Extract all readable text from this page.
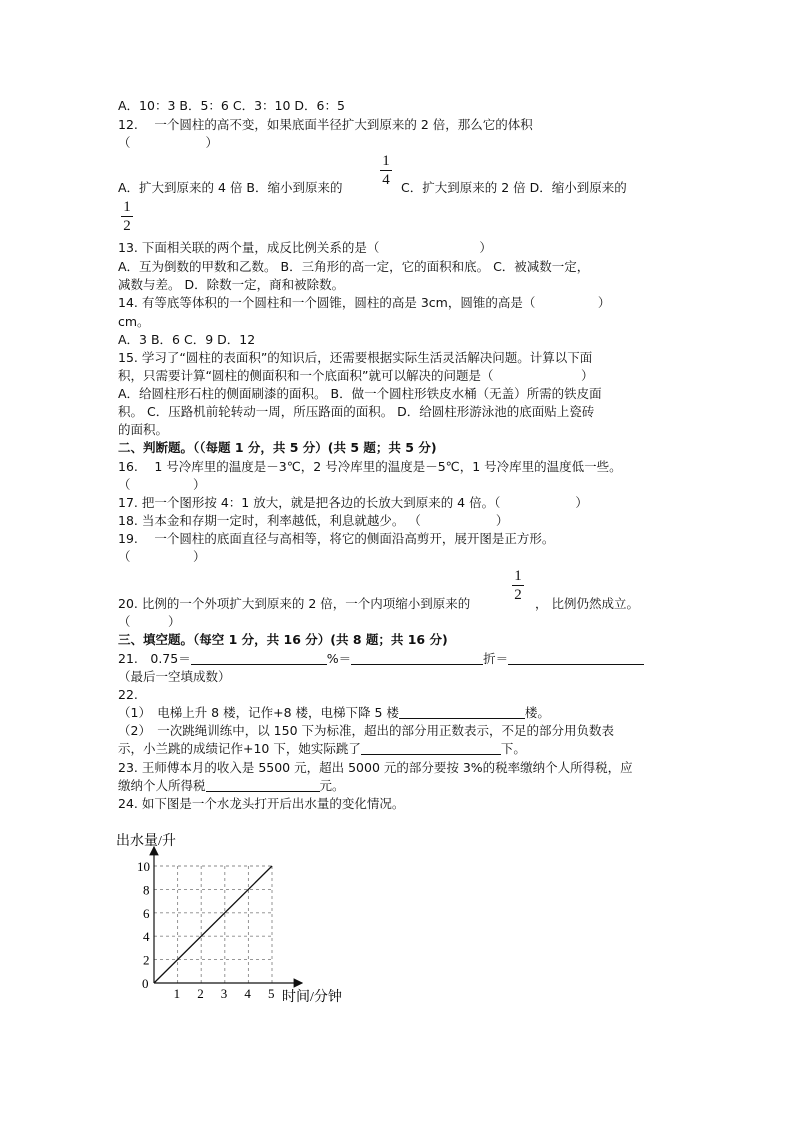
A．10：3 B．5：6 C．3：10 D．6：5
12.　 一个圆柱的高不变，如果底面半径扩大到原来的 2 倍，那么它的体积
（　　　　　　）
A．扩大到原来的 4 倍 B．缩小到原来的
1
4 C．扩大到原来的 2 倍 D．缩小到原来的
1
2
13. 下面相关联的两个量，成反比例关系的是（　　　　　　　　）
A．互为倒数的甲数和乙数。 B．三角形的高一定，它的面积和底。 C．被减数一定，
减数与差。 D．除数一定，商和被除数。
14. 有等底等体积的一个圆柱和一个圆锥，圆柱的高是 3cm，圆锥的高是（　　　　　）
cm。
A．3 B．6 C．9 D．12
15. 学习了“圆柱的表面积”的知识后，还需要根据实际生活灵活解决问题。计算以下面
积，只需要计算“圆柱的侧面积和一个底面积”就可以解决的问题是（　　　　　　　）
A．给圆柱形石柱的侧面刷漆的面积。 B．做一个圆柱形铁皮水桶（无盖）所需的铁皮面
积。 C．压路机前轮转动一周，所压路面的面积。 D．给圆柱形游泳池的底面贴上瓷砖
的面积。
二、判断题。（（每题 1 分，共 5 分）(共 5 题；共 5 分)
16.　 1 号冷库里的温度是－3℃，2 号冷库里的温度是－5℃，1 号冷库里的温度低一些。
（　　　　　）
17. 把一个图形按 4：1 放大，就是把各边的长放大到原来的 4 倍。（　　　　　　）
18. 当本金和存期一定时，利率越低，利息就越少。 （　　　　　　）
19.　 一个圆柱的底面直径与高相等，将它的侧面沿高剪开，展开图是正方形。
（　　　　　）
20. 比例的一个外项扩大到原来的 2 倍，一个内项缩小到原来的
1
2
， 比例仍然成立。
（　　　）
三、填空题。（每空 1 分，共 16 分）(共 8 题；共 16 分)
21.　0.75＝	%＝	折＝
（最后一空填成数）
22.
（1）　电梯上升 8 楼，记作+8 楼，电梯下降 5 楼	楼。
（2）　一次跳绳训练中，以 150 下为标准，超出的部分用正数表示，不足的部分用负数表
示，小兰跳的成绩记作+10 下，她实际跳了	下。
23. 王师傅本月的收入是 5500 元，超出 5000 元的部分要按 3%的税率缴纳个人所得税，应
缴纳个人所得税	元。
24. 如下图是一个水龙头打开后出水量的变化情况。
1 2 3 4 5
2
4
6
8
10
出水量/升
时间/分钟
0
